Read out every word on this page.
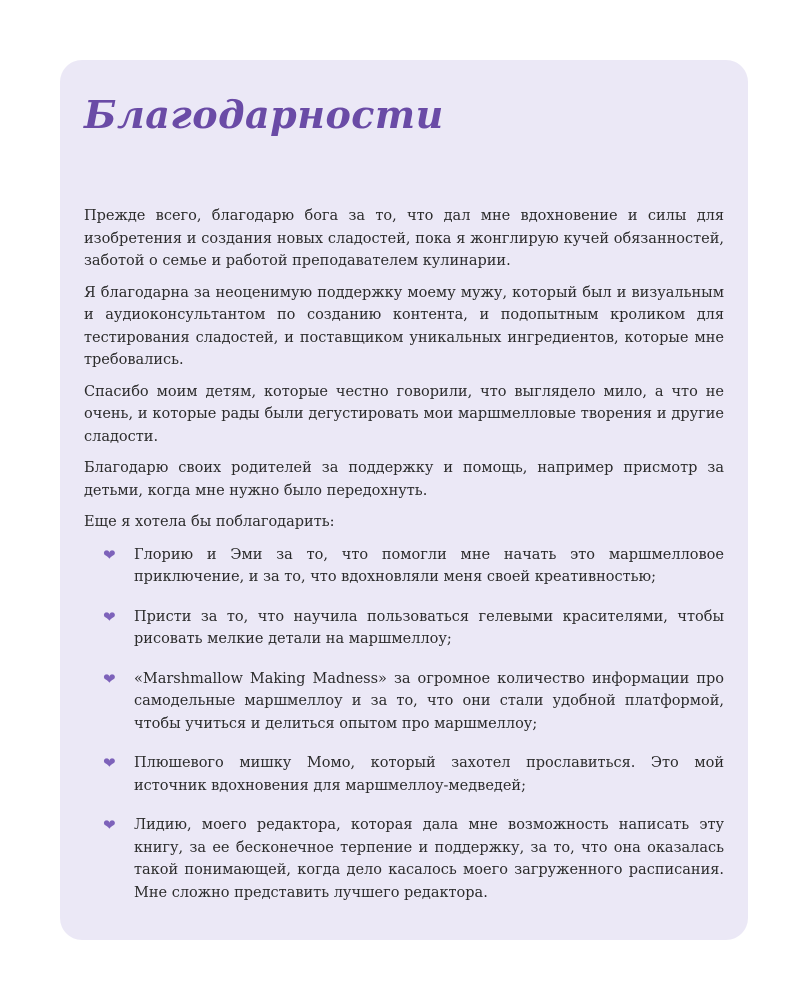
Благодарности

Прежде всего, благодарю бога за то, что дал мне вдохновение и силы для изобретения и создания новых сладостей, пока я жонглирую кучей обязанностей, заботой о семье и работой преподавателем кулинарии.

Я благодарна за неоценимую поддержку моему мужу, который был и визуальным и аудиоконсультантом по созданию контента, и подопытным кроликом для тестирования сладостей, и поставщиком уникальных ингредиентов, которые мне требовались.

Спасибо моим детям, которые честно говорили, что выглядело мило, а что не очень, и которые рады были дегустировать мои маршмелловые творения и другие сладости.

Благодарю своих родителей за поддержку и помощь, например присмотр за детьми, когда мне нужно было передохнуть.

Еще я хотела бы поблагодарить:

❤ Глорию и Эми за то, что помогли мне начать это маршмелловое приключение, и за то, что вдохновляли меня своей креативностью;
❤ Присти за то, что научила пользоваться гелевыми красителями, чтобы рисовать мелкие детали на маршмеллоу;
❤ «Marshmallow Making Madness» за огромное количество информации про самодельные маршмеллоу и за то, что они стали удобной платформой, чтобы учиться и делиться опытом про маршмеллоу;
❤ Плюшевого мишку Момо, который захотел прославиться. Это мой источник вдохновения для маршмеллоу-медведей;
❤ Лидию, моего редактора, которая дала мне возможность написать эту книгу, за ее бесконечное терпение и поддержку, за то, что она оказалась такой понимающей, когда дело касалось моего загруженного расписания. Мне сложно представить лучшего редактора.
